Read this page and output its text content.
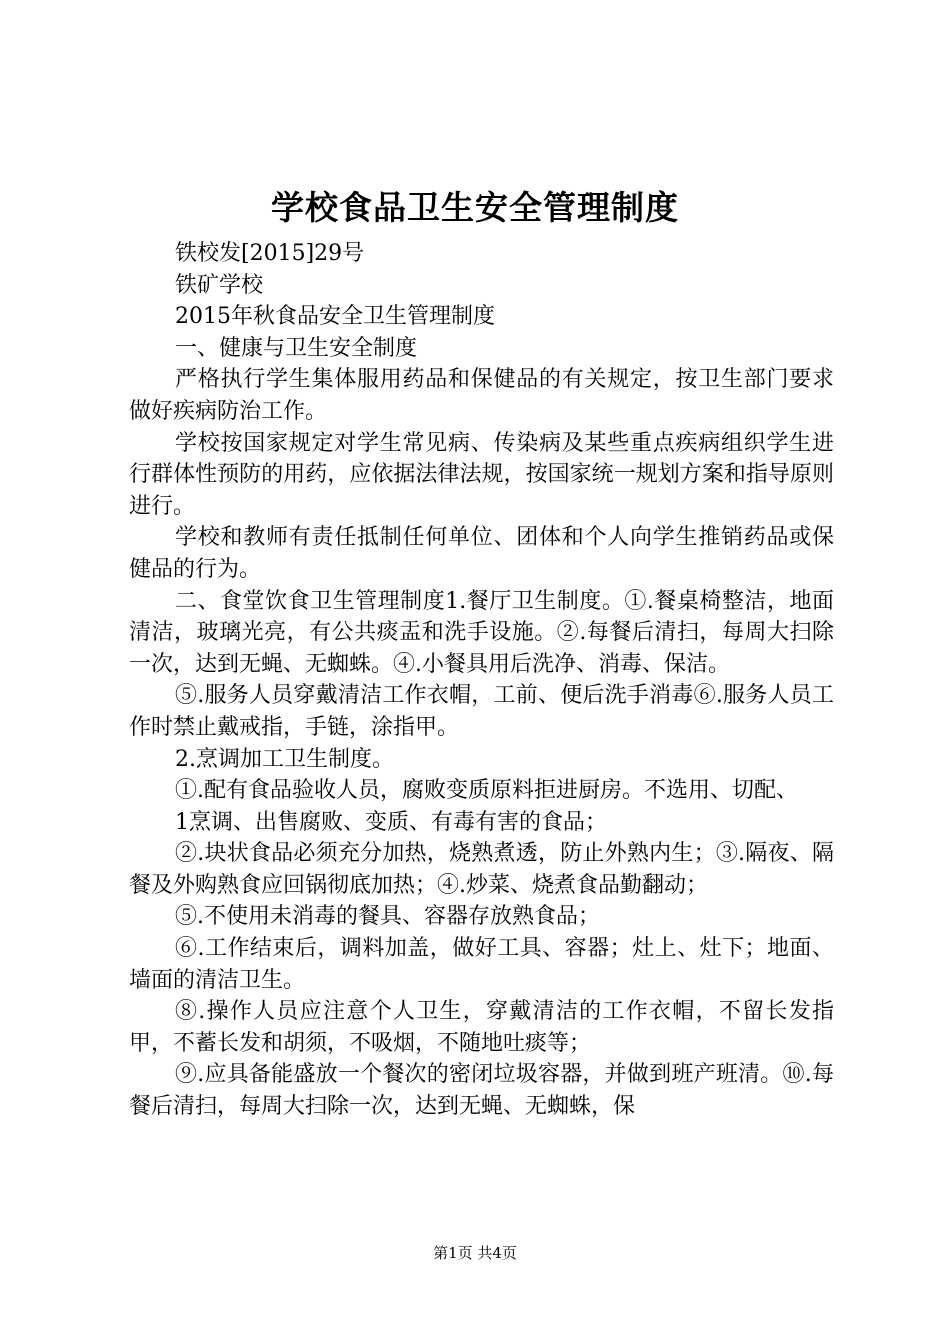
学校食品卫生安全管理制度

铁校发[2015]29号

铁矿学校

2015年秋食品安全卫生管理制度

一、健康与卫生安全制度

严格执行学生集体服用药品和保健品的有关规定，按卫生部门要求做好疾病防治工作。

学校按国家规定对学生常见病、传染病及某些重点疾病组织学生进行群体性预防的用药，应依据法律法规，按国家统一规划方案和指导原则进行。

学校和教师有责任抵制任何单位、团体和个人向学生推销药品或保健品的行为。

二、食堂饮食卫生管理制度1.餐厅卫生制度。①.餐桌椅整洁，地面清洁，玻璃光亮，有公共痰盂和洗手设施。②.每餐后清扫，每周大扫除一次，达到无蝇、无蜘蛛。④.小餐具用后洗净、消毒、保洁。

⑤.服务人员穿戴清洁工作衣帽，工前、便后洗手消毒⑥.服务人员工作时禁止戴戒指，手链，涂指甲。

2.烹调加工卫生制度。

①.配有食品验收人员，腐败变质原料拒进厨房。不选用、切配、

1烹调、出售腐败、变质、有毒有害的食品；

②.块状食品必须充分加热，烧熟煮透，防止外熟内生；③.隔夜、隔餐及外购熟食应回锅彻底加热；④.炒菜、烧煮食品勤翻动；

⑤.不使用未消毒的餐具、容器存放熟食品；

⑥.工作结束后，调料加盖，做好工具、容器；灶上、灶下；地面、墙面的清洁卫生。

⑧.操作人员应注意个人卫生，穿戴清洁的工作衣帽，不留长发指甲，不蓄长发和胡须，不吸烟，不随地吐痰等；

⑨.应具备能盛放一个餐次的密闭垃圾容器，并做到班产班清。⑩.每餐后清扫，每周大扫除一次，达到无蝇、无蜘蛛，保

第1页 共4页
